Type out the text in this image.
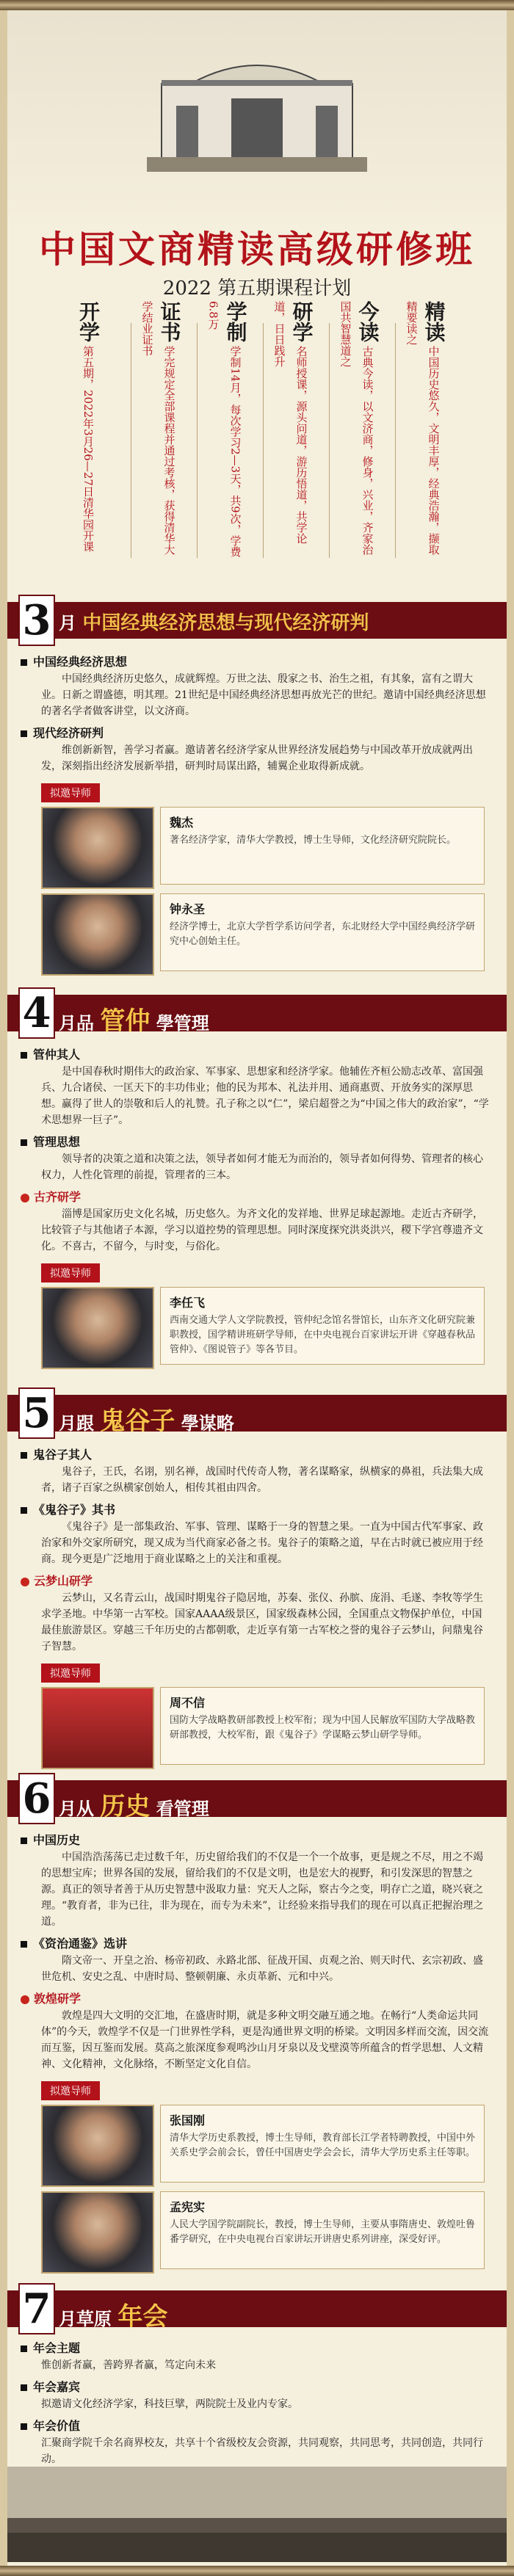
中国文商精读高级研修班
2022 第五期课程计划
精读 中国历史悠久，文明丰厚，经典浩瀚，撷取精要读之
今读 古典今读，以文济商，修身，兴业，齐家治国共智慧道之
研学 名师授课，源头问道，游历悟道，共学论道，日日践升
学制 学制14月，每次学习2—3天，共9次，学费6.8万
证书 学完规定全部课程并通过考核，获得清华大学结业证书
开学 第五期，2022年3月26—27日清华园开课
3 月 中国经典经济思想与现代经济研判
中国经典经济思想
中国经典经济历史悠久，成就辉煌。万世之法、殷家之书、治生之祖，有其象，富有之谓大业。日新之谓盛德，明其理。21世纪是中国经典经济思想再放光芒的世纪。邀请中国经典经济思想的著名学者做客讲堂，以文济商。
现代经济研判
维创新新智，善学习者赢。邀请著名经济学家从世界经济发展趋势与中国改革开放成就两出发，深刻指出经济发展新举措，研判时局谋出路，辅翼企业取得新成就。
拟邀导师
魏杰
著名经济学家，清华大学教授，博士生导师，文化经济研究院院长。
钟永圣
经济学博士，北京大学哲学系访问学者，东北财经大学中国经典经济学研究中心创始主任。
4 月品 管仲 學管理
管仲其人
是中国春秋时期伟大的政治家、军事家、思想家和经济学家。他辅佐齐桓公励志改革、富国强兵、九合诸侯、一匡天下的丰功伟业；他的民为邦本、礼法并用、通商惠贾、开放务实的深厚思想。赢得了世人的崇敬和后人的礼赞。孔子称之以“仁”，梁启超誉之为“中国之伟大的政治家”，“学术思想界一巨子”。
管理思想
领导者的决策之道和决策之法，领导者如何才能无为而治的，领导者如何得势、管理者的核心权力，人性化管理的前提，管理者的三本。
古齐研学
淄博是国家历史文化名城，历史悠久。为齐文化的发祥地、世界足球起源地。走近古齐研学，比较管子与其他诸子本源，学习以道控势的管理思想。同时深度探究洪炎洪兴，稷下学宫尊遗齐文化。不喜古，不留今，与时变，与俗化。
拟邀导师
李任飞
西南交通大学人文学院教授，管仲纪念馆名誉馆长，山东齐文化研究院兼职教授，国学精讲班研学导师，在中央电视台百家讲坛开讲《穿越春秋品管仲》、《图说管子》等各节目。
5 月跟 鬼谷子 學谋略
鬼谷子其人
鬼谷子，王氏，名诩，别名禅，战国时代传奇人物，著名谋略家，纵横家的鼻祖，兵法集大成者，诸子百家之纵横家创始人，相传其祖由四舍。
《鬼谷子》其书
《鬼谷子》是一部集政治、军事、管理、谋略于一身的智慧之果。一直为中国古代军事家、政治家和外交家所研究，现又成为当代商家必备之书。鬼谷子的策略之道，早在古时就已被应用于经商。现今更是广泛地用于商业谋略之上的关注和重视。
云梦山研学
云梦山，又名青云山，战国时期鬼谷子隐居地，苏秦、张仪、孙膑、庞涓、毛遂、李牧等学生求学圣地。中华第一古军校。国家AAAA级景区，国家级森林公园，全国重点文物保护单位，中国最佳旅游景区。穿越三千年历史的古都朝歌，走近享有第一古军校之誉的鬼谷子云梦山，问鼎鬼谷子智慧。
拟邀导师
周不信
国防大学战略教研部教授上校军衔；现为中国人民解放军国防大学战略教研部教授，大校军衔，跟《鬼谷子》学谋略云梦山研学导师。
6 月从 历史 看管理
中国历史
中国浩浩荡荡已走过数千年，历史留给我们的不仅是一个一个故事，更是规之不尽，用之不竭的思想宝库；世界各国的发展，留给我们的不仅是文明，也是宏大的视野，和引发深思的智慧之源。真正的领导者善于从历史智慧中汲取力量：究天人之际，察古今之变，明存亡之道，晓兴衰之理。“教育者，非为已往，非为现在，而专为未来”，让经验来指导我们的现在可以真正把握治理之道。
《资治通鉴》选讲
隋文帝一、开皇之治、杨帝初政、永路北部、征战开国、贞观之治、则天时代、玄宗初政、盛世危机、安史之乱、中唐时局、整顿朝廉、永贞革新、元和中兴。
敦煌研学
敦煌是四大文明的交汇地，在盛唐时期，就是多种文明交融互通之地。在畅行“人类命运共同体”的今天，敦煌学不仅是一门世界性学科，更是沟通世界文明的桥梁。文明因多样而交流，因交流而互鉴，因互鉴而发展。莫高之旅深度参观鸣沙山月牙泉以及戈壁漠等所蕴含的哲学思想、人文精神、文化精神，文化脉络，不断坚定文化自信。
拟邀导师
张国刚
清华大学历史系教授，博士生导师，教育部长江学者特聘教授，中国中外关系史学会前会长，曾任中国唐史学会会长，清华大学历史系主任等职。
孟宪实
人民大学国学院副院长，教授，博士生导师，主要从事隋唐史、敦煌吐鲁番学研究，在中央电视台百家讲坛开讲唐史系列讲座，深受好评。
7 月草原 年会
年会主题
惟创新者赢，善跨界者赢，笃定向未来
年会嘉宾
拟邀请文化经济学家，科技巨擘，两院院士及业内专家。
年会价值
汇聚商学院千余名商界校友，共享十个省级校友会资源，共同观察，共同思考，共同创造，共同行动。
